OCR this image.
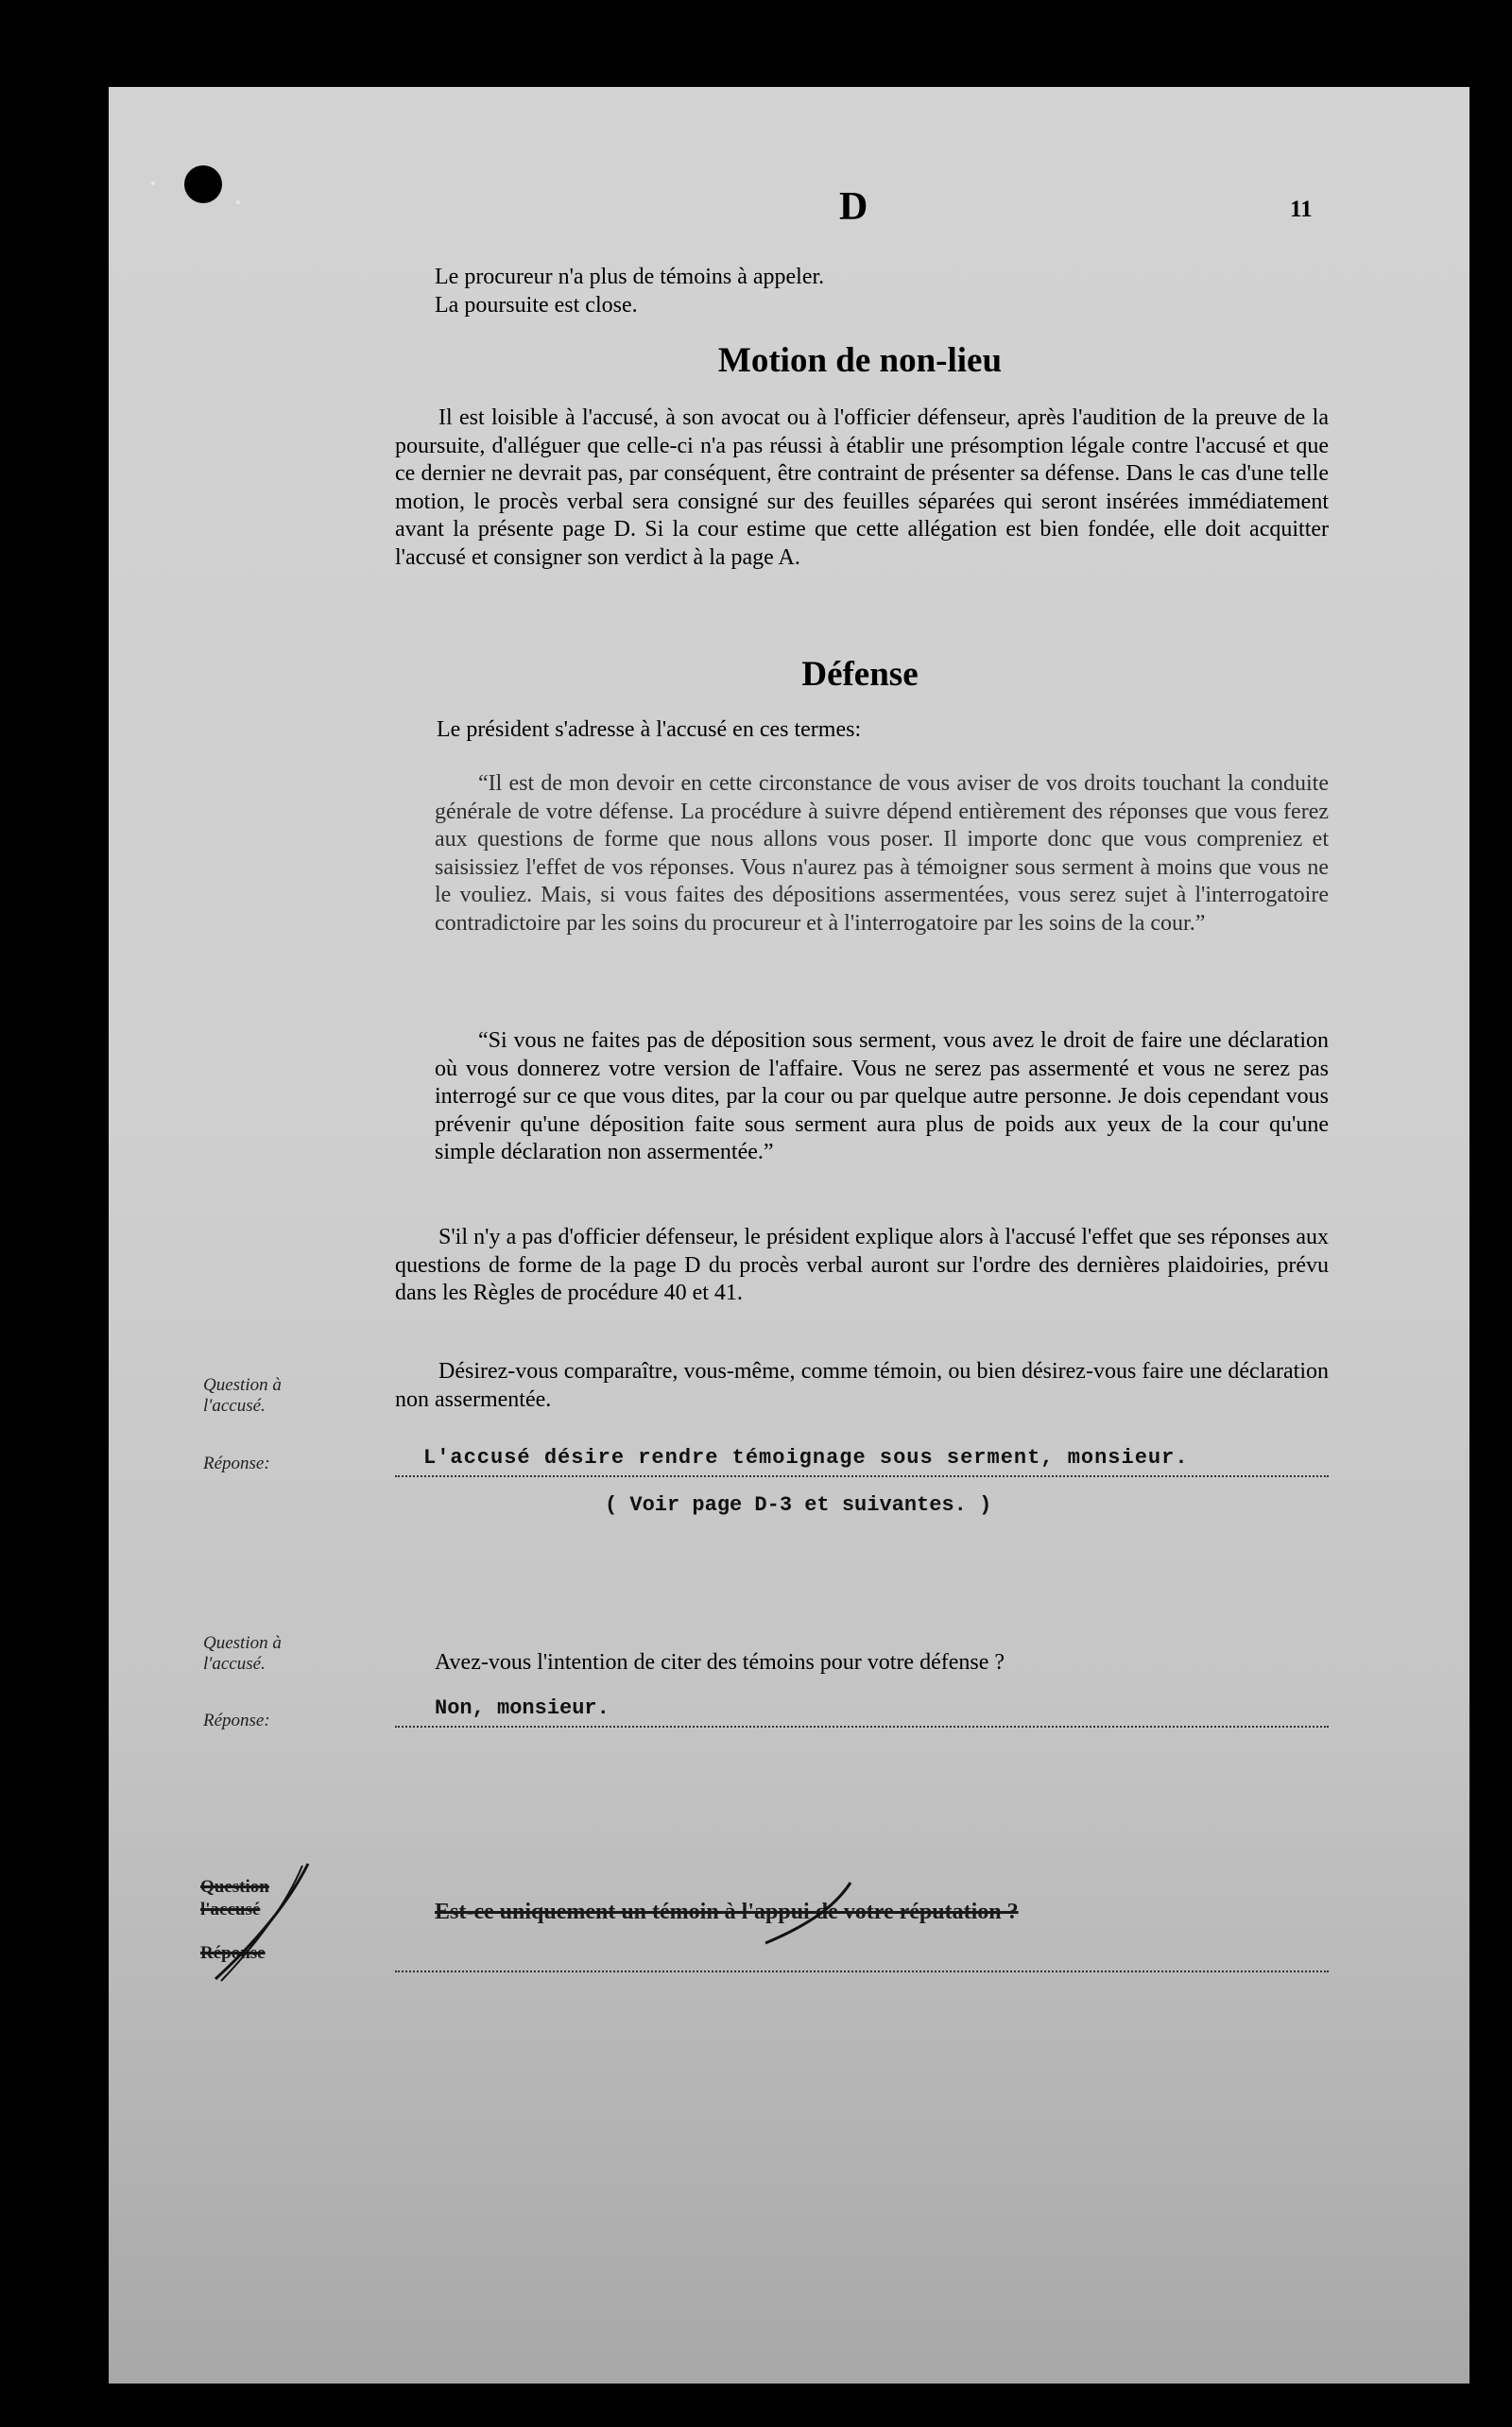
D	11
Le procureur n'a plus de témoins à appeler.
La poursuite est close.
Motion de non-lieu
Il est loisible à l'accusé, à son avocat ou à l'officier défenseur, après l'audition de la preuve de la poursuite, d'alléguer que celle-ci n'a pas réussi à établir une présomption légale contre l'accusé et que ce dernier ne devrait pas, par conséquent, être contraint de présenter sa défense. Dans le cas d'une telle motion, le procès verbal sera consigné sur des feuilles séparées qui seront insérées immédiatement avant la présente page D. Si la cour estime que cette allégation est bien fondée, elle doit acquitter l'accusé et consigner son verdict à la page A.
Défense
Le président s'adresse à l'accusé en ces termes:
“Il est de mon devoir en cette circonstance de vous aviser de vos droits touchant la conduite générale de votre défense. La procédure à suivre dépend entièrement des réponses que vous ferez aux questions de forme que nous allons vous poser. Il importe donc que vous compreniez et saisissiez l'effet de vos réponses. Vous n'aurez pas à témoigner sous serment à moins que vous ne le vouliez. Mais, si vous faites des dépositions assermentées, vous serez sujet à l'interrogatoire contradictoire par les soins du procureur et à l'interrogatoire par les soins de la cour.”
“Si vous ne faites pas de déposition sous serment, vous avez le droit de faire une déclaration où vous donnerez votre version de l'affaire. Vous ne serez pas assermenté et vous ne serez pas interrogé sur ce que vous dites, par la cour ou par quelque autre personne. Je dois cependant vous prévenir qu'une déposition faite sous serment aura plus de poids aux yeux de la cour qu'une simple déclaration non assermentée.”
S'il n'y a pas d'officier défenseur, le président explique alors à l'accusé l'effet que ses réponses aux questions de forme de la page D du procès verbal auront sur l'ordre des dernières plaidoiries, prévu dans les Règles de procédure 40 et 41.
Question à
l'accusé.
Désirez-vous comparaître, vous-même, comme témoin, ou bien désirez-vous faire une déclaration non assermentée.
Réponse:	L'accusé désire rendre témoignage sous serment, monsieur.
( Voir page D-3 et suivantes. )
Question à
l'accusé.	Avez-vous l'intention de citer des témoins pour votre défense ?
Réponse:
Non, monsieur.
Question
l'accusé
Réponse
Est-ce uniquement un témoin à l'appui de votre réputation ?
